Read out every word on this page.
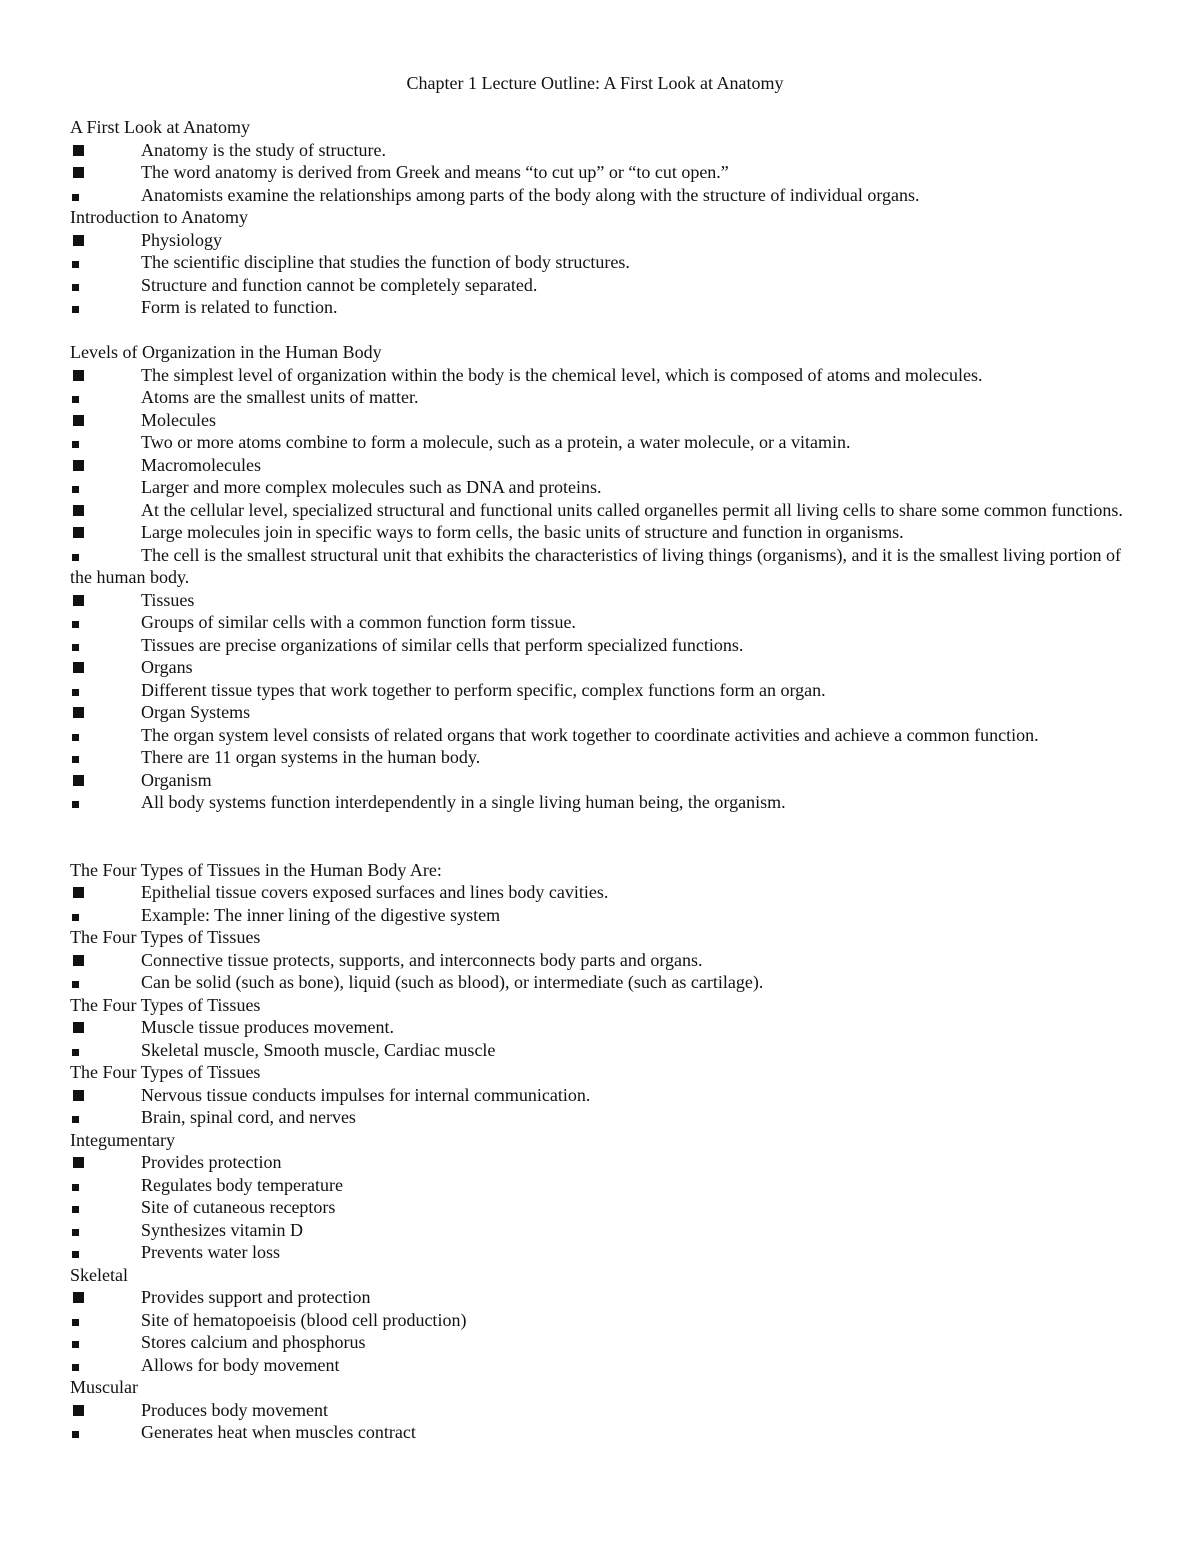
Chapter 1 Lecture Outline: A First Look at Anatomy
A First Look at Anatomy
Anatomy is the study of structure.
The word anatomy is derived from Greek and means “to cut up” or “to cut open.”
Anatomists examine the relationships among parts of the body along with the structure of individual organs.
Introduction to Anatomy
Physiology
The scientific discipline that studies the function of body structures.
Structure and function cannot be completely separated.
Form is related to function.
Levels of Organization in the Human Body
The simplest level of organization within the body is the chemical level, which is composed of atoms and molecules.
Atoms are the smallest units of matter.
Molecules
Two or more atoms combine to form a molecule, such as a protein, a water molecule, or a vitamin.
Macromolecules
Larger and more complex molecules such as DNA and proteins.
At the cellular level, specialized structural and functional units called organelles permit all living cells to share some common functions.
Large molecules join in specific ways to form cells, the basic units of structure and function in organisms.
The cell is the smallest structural unit that exhibits the characteristics of living things (organisms), and it is the smallest living portion of the human body.
Tissues
Groups of similar cells with a common function form tissue.
Tissues are precise organizations of similar cells that perform specialized functions.
Organs
Different tissue types that work together to perform specific, complex functions form an organ.
Organ Systems
The organ system level consists of related organs that work together to coordinate activities and achieve a common function.
There are 11 organ systems in the human body.
Organism
All body systems function interdependently in a single living human being, the organism.
The Four Types of Tissues in the Human Body Are:
Epithelial tissue covers exposed surfaces and lines body cavities.
Example: The inner lining of the digestive system
The Four Types of Tissues
Connective tissue protects, supports, and interconnects body parts and organs.
Can be solid (such as bone), liquid (such as blood), or intermediate (such as cartilage).
The Four Types of Tissues
Muscle tissue produces movement.
Skeletal muscle, Smooth muscle, Cardiac muscle
The Four Types of Tissues
Nervous tissue conducts impulses for internal communication.
Brain, spinal cord, and nerves
Integumentary
Provides protection
Regulates body temperature
Site of cutaneous receptors
Synthesizes vitamin D
Prevents water loss
Skeletal
Provides support and protection
Site of hematopoeisis (blood cell production)
Stores calcium and phosphorus
Allows for body movement
Muscular
Produces body movement
Generates heat when muscles contract
